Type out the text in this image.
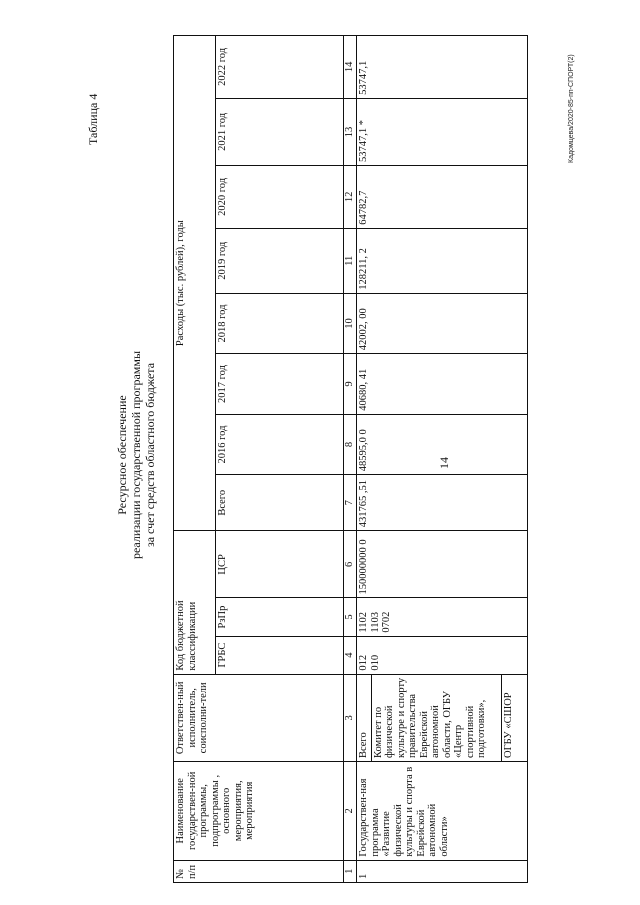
14
Таблица 4
Ресурсное обеспечение реализации государственной программы за счет средств областного бюджета
№ п/п	Наименование государствен-ной программы, подпрограммы , основного мероприятия, мероприятия	Ответствен-ный исполнитель, соисполни-тели	Код бюджетной классификации			Расходы (тыс. рублей), годы							
			ГРБС	РзПр	ЦСР	Всего	2016 год	2017 год	2018 год	2019 год	2020 год	2021 год	2022 год
1	2	3	4	5	6	7	8	9	10	11	12	13	14
1	Государствен-ная программа «Развитие физической культуры и спорта в Еврейской автономной области»	Всего	012 010	1102 1103 0702	150000000 0	431765 ,51	48595,0 0	40680, 41	42002, 00	128211, 2	64782,7	53747,1 *	53747,1
		Комитет по физической культуре и спорту правительства Еврейской автономной области, ОГБУ «Центр спортивной подготовки»,											
		ОГБУ «СШОР											
Кадомцева/2020-85-пп-СПОРТ(2)
